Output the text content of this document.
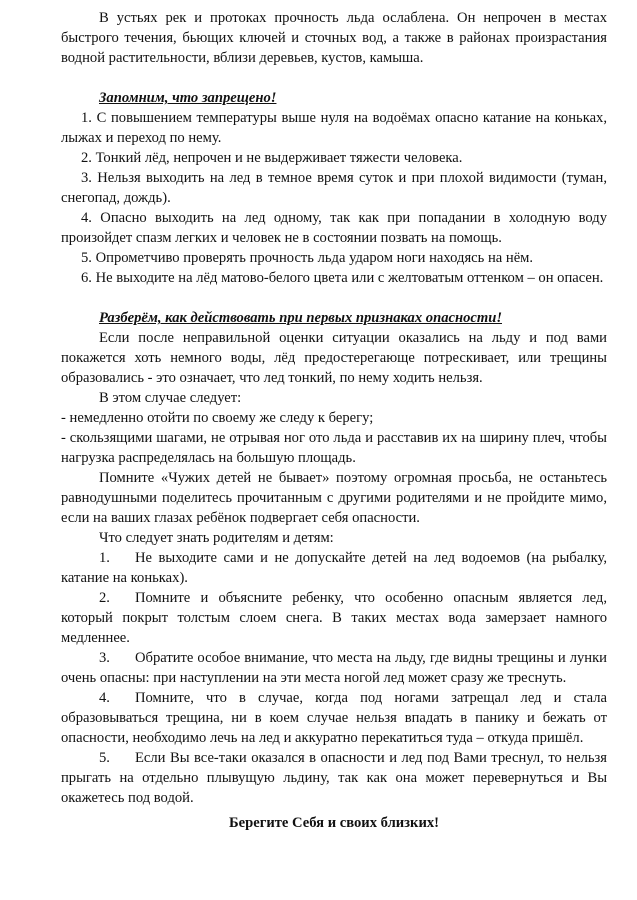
В устьях рек и протоках прочность льда ослаблена. Он непрочен в местах быстрого течения, бьющих ключей и сточных вод, а также в районах произрастания водной растительности, вблизи деревьев, кустов, камыша.

Запомним, что запрещено!

1. С повышением температуры выше нуля на водоёмах опасно катание на коньках, лыжах и переход по нему.

2. Тонкий лёд, непрочен и не выдерживает тяжести человека.

3. Нельзя выходить на лед в темное время суток и при плохой видимости (туман, снегопад, дождь).

4. Опасно выходить на лед одному, так как при попадании в холодную воду произойдет спазм легких и человек не в состоянии позвать на помощь.

5. Опрометчиво проверять прочность льда ударом ноги находясь на нём.

6. Не выходите на лёд матово-белого цвета или с желтоватым оттенком – он опасен.

Разберём, как действовать при первых признаках опасности!

Если после неправильной оценки ситуации оказались на льду и под вами покажется хоть немного воды, лёд предостерегающе потрескивает, или трещины образовались - это означает, что лед тонкий, по нему ходить нельзя.

В этом случае следует:

- немедленно отойти по своему же следу к берегу;

- скользящими шагами, не отрывая ног ото льда и расставив их на ширину плеч, чтобы нагрузка распределялась на большую площадь.

Помните «Чужих детей не бывает» поэтому огромная просьба, не останьтесь равнодушными поделитесь прочитанным с другими родителями и не пройдите мимо, если на ваших глазах ребёнок подвергает себя опасности.

Что следует знать родителям и детям:

1. Не выходите сами и не допускайте детей на лед водоемов (на рыбалку, катание на коньках).

2. Помните и объясните ребенку, что особенно опасным является лед, который покрыт толстым слоем снега. В таких местах вода замерзает намного медленнее.

3. Обратите особое внимание, что места на льду, где видны трещины и лунки очень опасны: при наступлении на эти места ногой лед может сразу же треснуть.

4. Помните, что в случае, когда под ногами затрещал лед и стала образовываться трещина, ни в коем случае нельзя впадать в панику и бежать от опасности, необходимо лечь на лед и аккуратно перекатиться туда – откуда пришёл.

5. Если Вы все-таки оказался в опасности и лед под Вами треснул, то нельзя прыгать на отдельно плывущую льдину, так как она может перевернуться и Вы окажетесь под водой.

Берегите Себя и своих близких!
